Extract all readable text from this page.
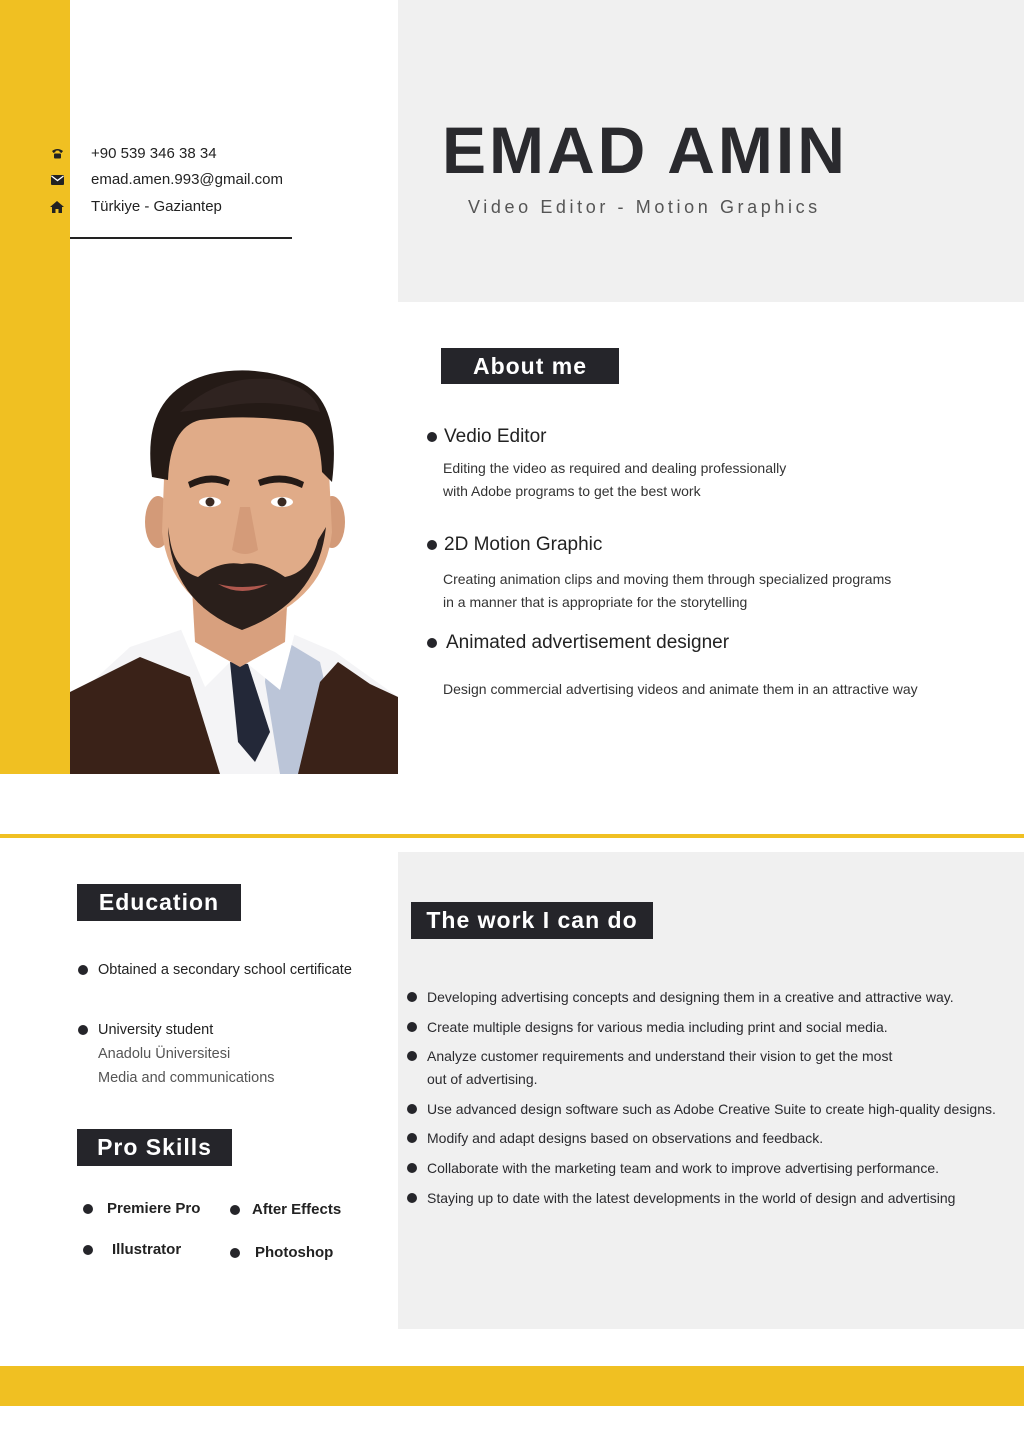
+90 539 346 38 34
emad.amen.993@gmail.com
Türkiye - Gaziantep
EMAD AMIN
Video Editor - Motion Graphics
About me
Vedio Editor
Editing the video as required and dealing professionally
with Adobe programs to get the best work
2D Motion Graphic
Creating animation clips and moving them through specialized programs
in a manner that is appropriate for the storytelling
Animated advertisement designer
Design commercial advertising videos and animate them in an attractive way
Education
Obtained a secondary school certificate
University student
Anadolu Üniversitesi
Media and communications
Pro Skills
Premiere Pro	After Effects
Illustrator	Photoshop
The work I can do
Developing advertising concepts and designing them in a creative and attractive way.
Create multiple designs for various media including print and social media.
Analyze customer requirements and understand their vision to get the most
out of advertising.
Use advanced design software such as Adobe Creative Suite to create high-quality designs.
Modify and adapt designs based on observations and feedback.
Collaborate with the marketing team and work to improve advertising performance.
Staying up to date with the latest developments in the world of design and advertising
